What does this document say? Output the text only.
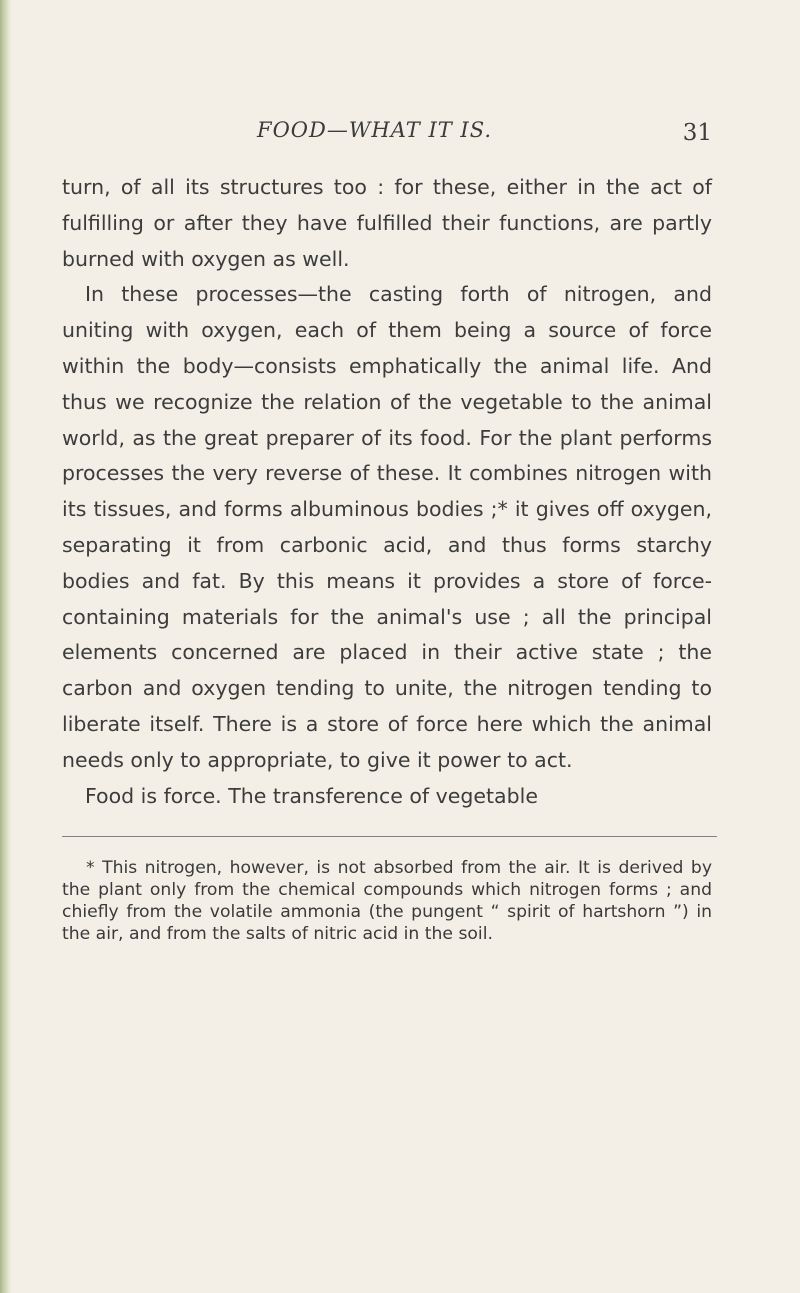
FOOD—WHAT IT IS.	31

turn, of all its structures too : for these, either in the act of fulfilling or after they have fulfilled their functions, are partly burned with oxygen as well.

In these processes—the casting forth of nitrogen, and uniting with oxygen, each of them being a source of force within the body—consists emphatically the animal life. And thus we recognize the relation of the vegetable to the animal world, as the great preparer of its food. For the plant performs processes the very reverse of these. It combines nitrogen with its tissues, and forms albuminous bodies ;* it gives off oxygen, separating it from carbonic acid, and thus forms starchy bodies and fat. By this means it provides a store of force-containing materials for the animal's use ; all the principal elements concerned are placed in their active state ; the carbon and oxygen tending to unite, the nitrogen tending to liberate itself. There is a store of force here which the animal needs only to appropriate, to give it power to act.

Food is force. The transference of vegetable

* This nitrogen, however, is not absorbed from the air. It is derived by the plant only from the chemical compounds which nitrogen forms ; and chiefly from the volatile ammonia (the pungent “ spirit of hartshorn ”) in the air, and from the salts of nitric acid in the soil.
